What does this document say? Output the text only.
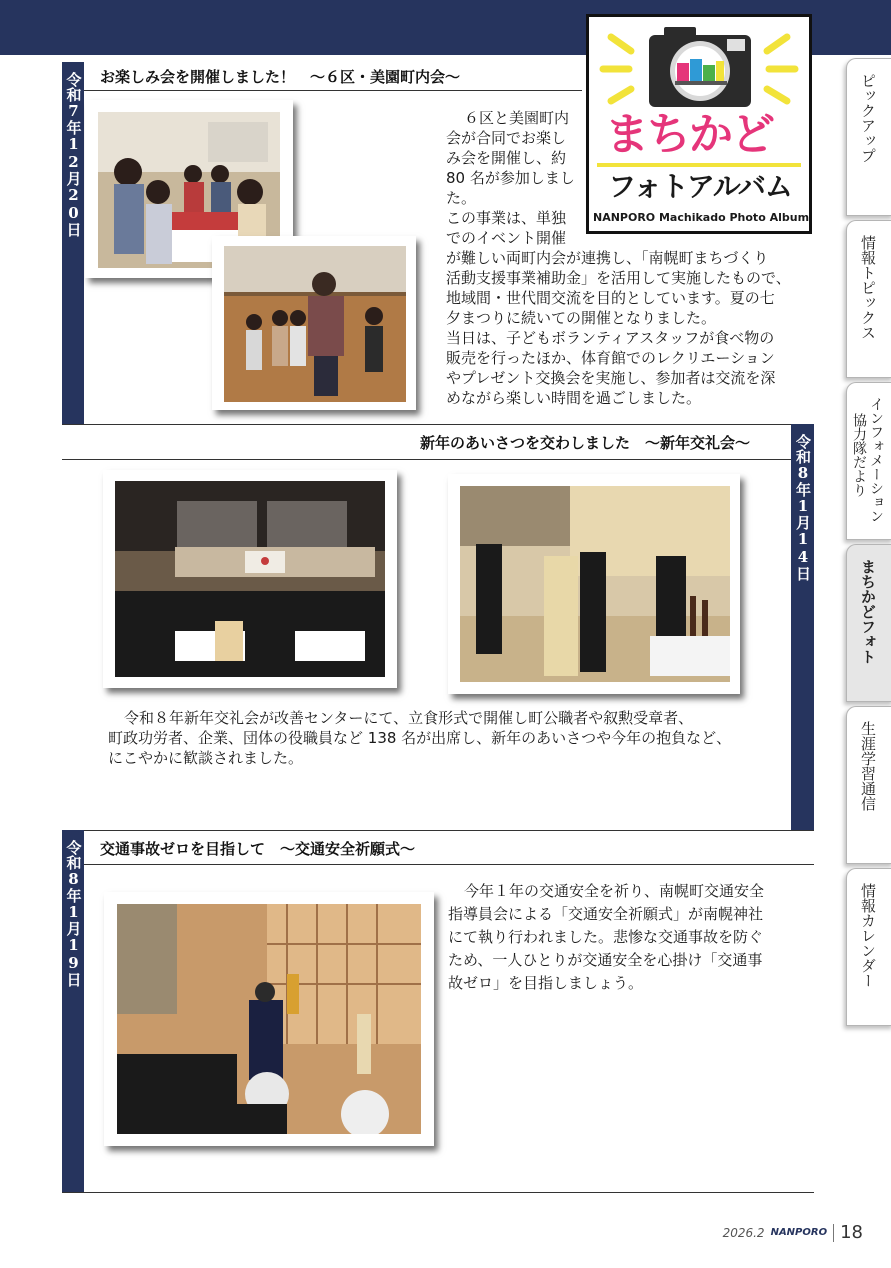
まちかど
フォトアルバム
NANPORO Machikado Photo Album
令和7年12月20日 お楽しみ会を開催しました！　～６区・美園町内会～
６区と美園町内
会が合同でお楽し
み会を開催し、約
80 名が参加しまし
た。
この事業は、単独
でのイベント開催
が難しい両町内会が連携し、「南幌町まちづくり
活動支援事業補助金」を活用して実施したもので、
地域間・世代間交流を目的としています。夏の七
夕まつりに続いての開催となりました。
当日は、子どもボランティアスタッフが食べ物の
販売を行ったほか、体育館でのレクリエーション
やプレゼント交換会を実施し、参加者は交流を深
めながら楽しい時間を過ごしました。
令和8年1月14日
新年のあいさつを交わしました　～新年交礼会～
令和８年新年交礼会が改善センターにて、立食形式で開催し町公職者や叙勲受章者、
町政功労者、企業、団体の役職員など 138 名が出席し、新年のあいさつや今年の抱負など、
にこやかに歓談されました。
令和8年1月19日 交通事故ゼロを目指して　～交通安全祈願式～
今年１年の交通安全を祈り、南幌町交通安全
指導員会による「交通安全祈願式」が南幌神社
にて執り行われました。悲惨な交通事故を防ぐ
ため、一人ひとりが交通安全を心掛け「交通事
故ゼロ」を目指しましょう。
ピックアップ
情報トピックス
インフォメーション
協力隊だより
まちかどフォト
生涯学習通信
情報カレンダー
2026.2 NANPORO 18
